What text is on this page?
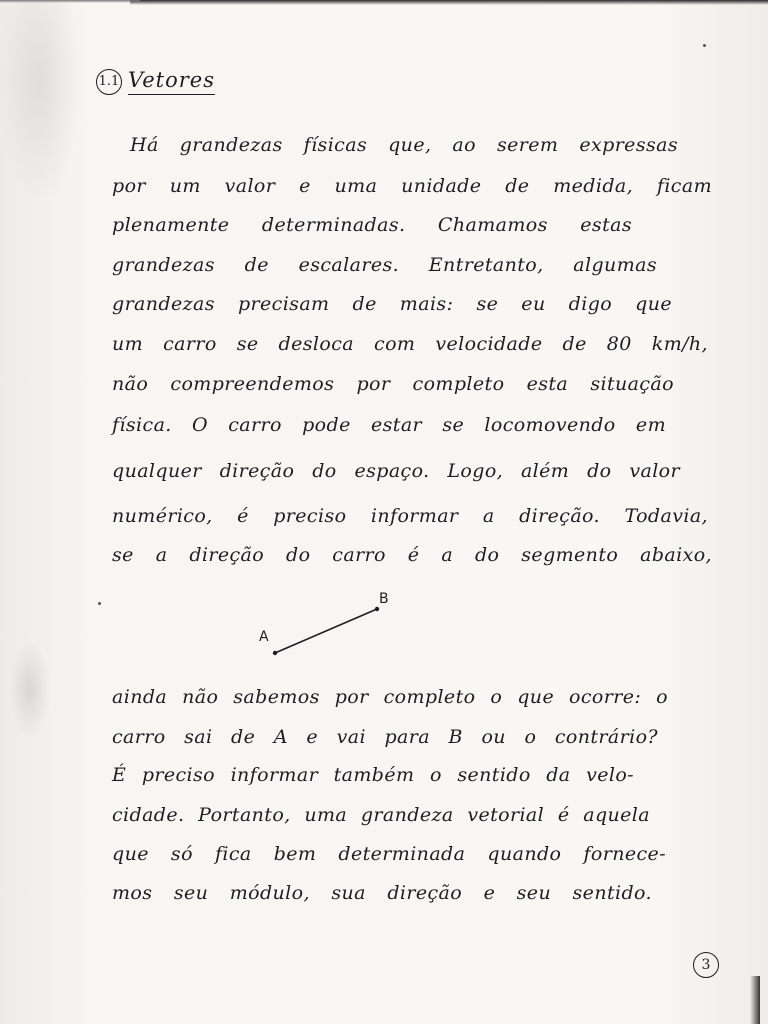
1.1 Vetores
Há grandezas físicas que, ao serem expressas
por um valor e uma unidade de medida, ficam
plenamente determinadas. Chamamos estas
grandezas de escalares. Entretanto, algumas
grandezas precisam de mais: se eu digo que
um carro se desloca com velocidade de 80 km/h,
não compreendemos por completo esta situação
física. O carro pode estar se locomovendo em
qualquer direção do espaço. Logo, além do valor
numérico, é preciso informar a direção. Todavia,
se a direção do carro é a do segmento abaixo,
A
B
ainda não sabemos por completo o que ocorre: o
carro sai de A e vai para B ou o contrário?
É preciso informar também o sentido da velo-
cidade. Portanto, uma grandeza vetorial é aquela
que só fica bem determinada quando fornece-
mos seu módulo, sua direção e seu sentido.
3
